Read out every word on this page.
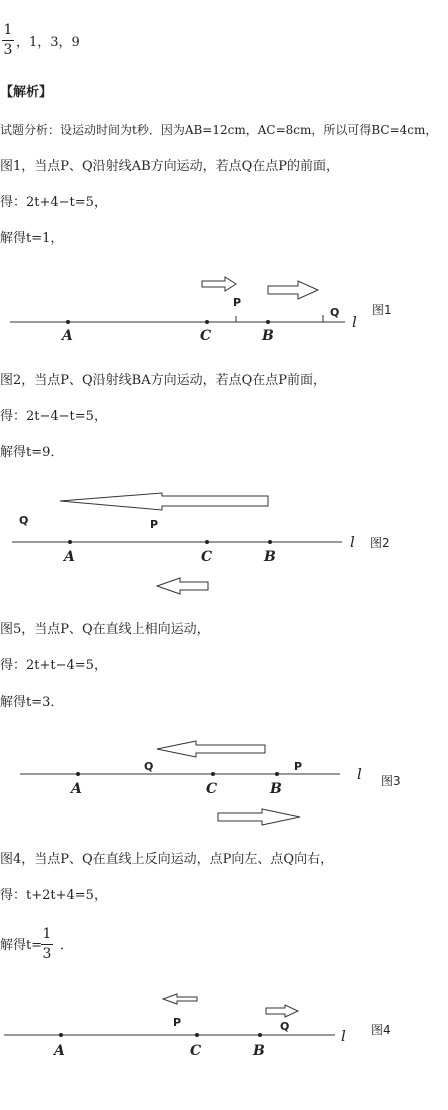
1
3 ，1，3，9
【解析】
试题分析：设运动时间为t秒．因为AB=12cm，AC=8cm，所以可得BC=4cm，
图1，当点P、Q沿射线AB方向运动，若点Q在点P的前面，
得：2t+4−t=5，
解得t=1，
P
Q
A	C	B
l
图1
图2，当点P、Q沿射线BA方向运动，若点Q在点P前面，
得：2t−4−t=5，
解得t=9．
Q	P
A	C	B
l 图2
图5，当点P、Q在直线上相向运动，
得：2t+t−4=5，
解得t=3．
Q	P
A	C	B
l 图3
图4，当点P、Q在直线上反向运动，点P向左、点Q向右，
得：t+2t+4=5，
解得t=
1
3
．
P	Q
A	C	B
l 图4
